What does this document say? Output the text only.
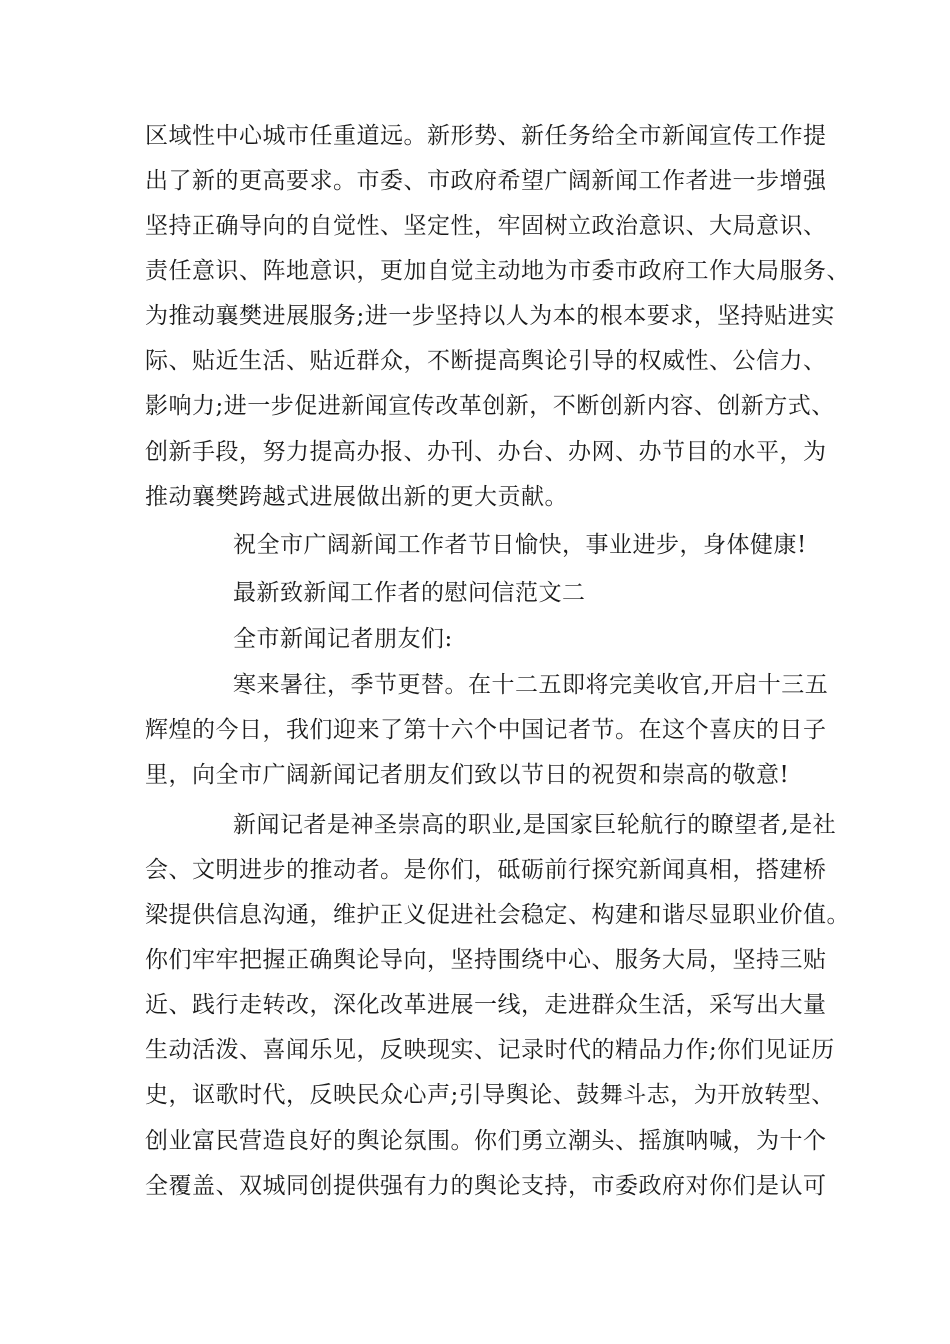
区域性中心城市任重道远。新形势、新任务给全市新闻宣传工作提
出了新的更高要求。市委、市政府希望广阔新闻工作者进一步增强
坚持正确导向的自觉性、坚定性，牢固树立政治意识、大局意识、
责任意识、阵地意识，更加自觉主动地为市委市政府工作大局服务、
为推动襄樊进展服务;进一步坚持以人为本的根本要求，坚持贴进实
际、贴近生活、贴近群众，不断提高舆论引导的权威性、公信力、
影响力;进一步促进新闻宣传改革创新，不断创新内容、创新方式、
创新手段，努力提高办报、办刊、办台、办网、办节目的水平，为
推动襄樊跨越式进展做出新的更大贡献。
祝全市广阔新闻工作者节日愉快，事业进步，身体健康!
最新致新闻工作者的慰问信范文二
全市新闻记者朋友们:
寒来暑往，季节更替。在十二五即将完美收官,开启十三五
辉煌的今日，我们迎来了第十六个中国记者节。在这个喜庆的日子
里，向全市广阔新闻记者朋友们致以节日的祝贺和崇高的敬意!
新闻记者是神圣崇高的职业,是国家巨轮航行的瞭望者,是社
会、文明进步的推动者。是你们，砥砺前行探究新闻真相，搭建桥
梁提供信息沟通，维护正义促进社会稳定、构建和谐尽显职业价值。
你们牢牢把握正确舆论导向，坚持围绕中心、服务大局，坚持三贴
近、践行走转改，深化改革进展一线，走进群众生活，采写出大量
生动活泼、喜闻乐见，反映现实、记录时代的精品力作;你们见证历
史，讴歌时代，反映民众心声;引导舆论、鼓舞斗志，为开放转型、
创业富民营造良好的舆论氛围。你们勇立潮头、摇旗呐喊，为十个
全覆盖、双城同创提供强有力的舆论支持，市委政府对你们是认可
